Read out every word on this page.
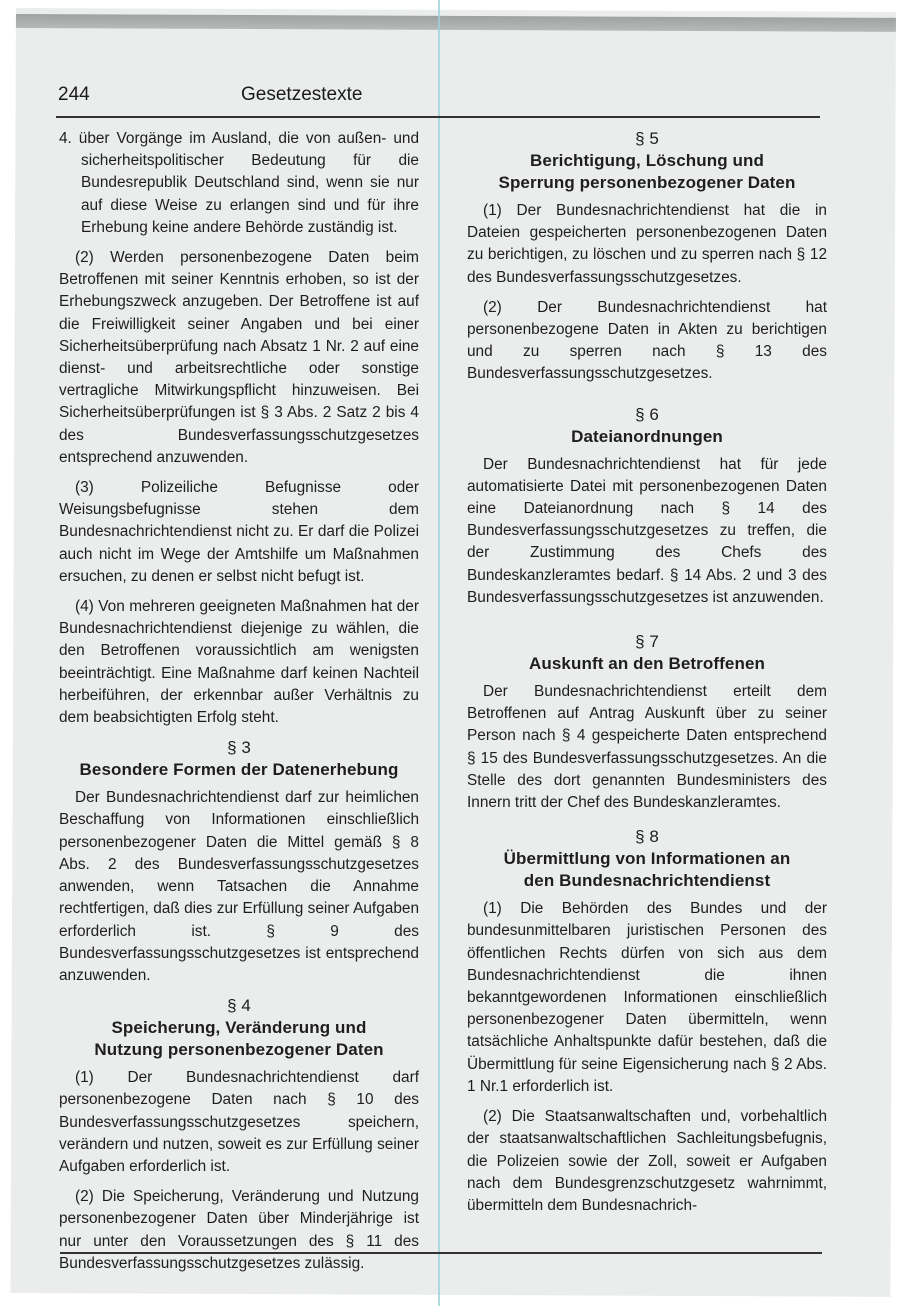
244	Gesetzestexte

4. über Vorgänge im Ausland, die von außen- und sicherheitspolitischer Bedeutung für die Bundesrepublik Deutschland sind, wenn sie nur auf diese Weise zu erlangen sind und für ihre Erhebung keine andere Behörde zuständig ist.

(2) Werden personenbezogene Daten beim Betroffenen mit seiner Kenntnis erhoben, so ist der Erhebungszweck anzugeben. Der Betroffene ist auf die Freiwilligkeit seiner Angaben und bei einer Sicherheitsüberprüfung nach Absatz 1 Nr. 2 auf eine dienst- und arbeitsrechtliche oder sonstige vertragliche Mitwirkungspflicht hinzuweisen. Bei Sicherheitsüberprüfungen ist § 3 Abs. 2 Satz 2 bis 4 des Bundesverfassungsschutzgesetzes entsprechend anzuwenden.

(3) Polizeiliche Befugnisse oder Weisungsbefugnisse stehen dem Bundesnachrichtendienst nicht zu. Er darf die Polizei auch nicht im Wege der Amtshilfe um Maßnahmen ersuchen, zu denen er selbst nicht befugt ist.

(4) Von mehreren geeigneten Maßnahmen hat der Bundesnachrichtendienst diejenige zu wählen, die den Betroffenen voraussichtlich am wenigsten beeinträchtigt. Eine Maßnahme darf keinen Nachteil herbeiführen, der erkennbar außer Verhältnis zu dem beabsichtigten Erfolg steht.

§ 3
Besondere Formen der Datenerhebung

Der Bundesnachrichtendienst darf zur heimlichen Beschaffung von Informationen einschließlich personenbezogener Daten die Mittel gemäß § 8 Abs. 2 des Bundesverfassungsschutzgesetzes anwenden, wenn Tatsachen die Annahme rechtfertigen, daß dies zur Erfüllung seiner Aufgaben erforderlich ist. § 9 des Bundesverfassungsschutzgesetzes ist entsprechend anzuwenden.

§ 4
Speicherung, Veränderung und
Nutzung personenbezogener Daten

(1) Der Bundesnachrichtendienst darf personenbezogene Daten nach § 10 des Bundesverfassungsschutzgesetzes speichern, verändern und nutzen, soweit es zur Erfüllung seiner Aufgaben erforderlich ist.

(2) Die Speicherung, Veränderung und Nutzung personenbezogener Daten über Minderjährige ist nur unter den Voraussetzungen des § 11 des Bundesverfassungsschutzgesetzes zulässig.

§ 5
Berichtigung, Löschung und
Sperrung personenbezogener Daten

(1) Der Bundesnachrichtendienst hat die in Dateien gespeicherten personenbezogenen Daten zu berichtigen, zu löschen und zu sperren nach § 12 des Bundesverfassungsschutzgesetzes.

(2) Der Bundesnachrichtendienst hat personenbezogene Daten in Akten zu berichtigen und zu sperren nach § 13 des Bundesverfassungsschutzgesetzes.

§ 6
Dateianordnungen

Der Bundesnachrichtendienst hat für jede automatisierte Datei mit personenbezogenen Daten eine Dateianordnung nach § 14 des Bundesverfassungsschutzgesetzes zu treffen, die der Zustimmung des Chefs des Bundeskanzleramtes bedarf. § 14 Abs. 2 und 3 des Bundesverfassungsschutzgesetzes ist anzuwenden.

§ 7
Auskunft an den Betroffenen

Der Bundesnachrichtendienst erteilt dem Betroffenen auf Antrag Auskunft über zu seiner Person nach § 4 gespeicherte Daten entsprechend § 15 des Bundesverfassungsschutzgesetzes. An die Stelle des dort genannten Bundesministers des Innern tritt der Chef des Bundeskanzleramtes.

§ 8
Übermittlung von Informationen an
den Bundesnachrichtendienst

(1) Die Behörden des Bundes und der bundesunmittelbaren juristischen Personen des öffentlichen Rechts dürfen von sich aus dem Bundesnachrichtendienst die ihnen bekanntgewordenen Informationen einschließlich personenbezogener Daten übermitteln, wenn tatsächliche Anhaltspunkte dafür bestehen, daß die Übermittlung für seine Eigensicherung nach § 2 Abs. 1 Nr.1 erforderlich ist.

(2) Die Staatsanwaltschaften und, vorbehaltlich der staatsanwaltschaftlichen Sachleitungsbefugnis, die Polizeien sowie der Zoll, soweit er Aufgaben nach dem Bundesgrenzschutzgesetz wahrnimmt, übermitteln dem Bundesnachrich-
